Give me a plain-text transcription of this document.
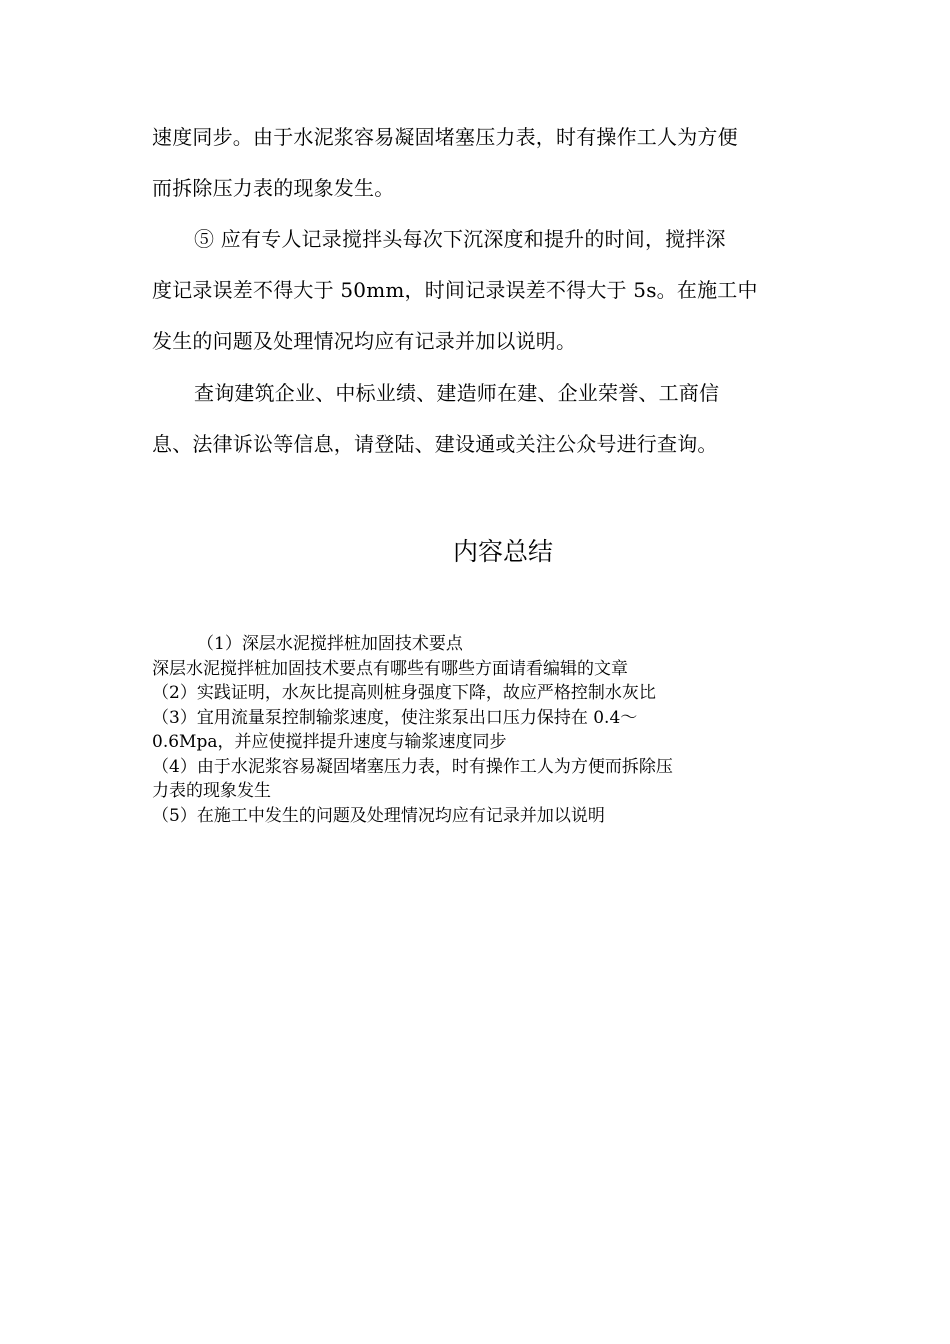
速度同步。由于水泥浆容易凝固堵塞压力表，时有操作工人为方便
而拆除压力表的现象发生。
⑤ 应有专人记录搅拌头每次下沉深度和提升的时间，搅拌深
度记录误差不得大于 50mm，时间记录误差不得大于 5s。在施工中
发生的问题及处理情况均应有记录并加以说明。
查询建筑企业、中标业绩、建造师在建、企业荣誉、工商信
息、法律诉讼等信息，请登陆、建设通或关注公众号进行查询。
内容总结
（1）深层水泥搅拌桩加固技术要点
深层水泥搅拌桩加固技术要点有哪些有哪些方面请看编辑的文章
（2）实践证明，水灰比提高则桩身强度下降，故应严格控制水灰比
（3）宜用流量泵控制输浆速度，使注浆泵出口压力保持在 0.4～
0.6Mpa，并应使搅拌提升速度与输浆速度同步
（4）由于水泥浆容易凝固堵塞压力表，时有操作工人为方便而拆除压
力表的现象发生
（5）在施工中发生的问题及处理情况均应有记录并加以说明
